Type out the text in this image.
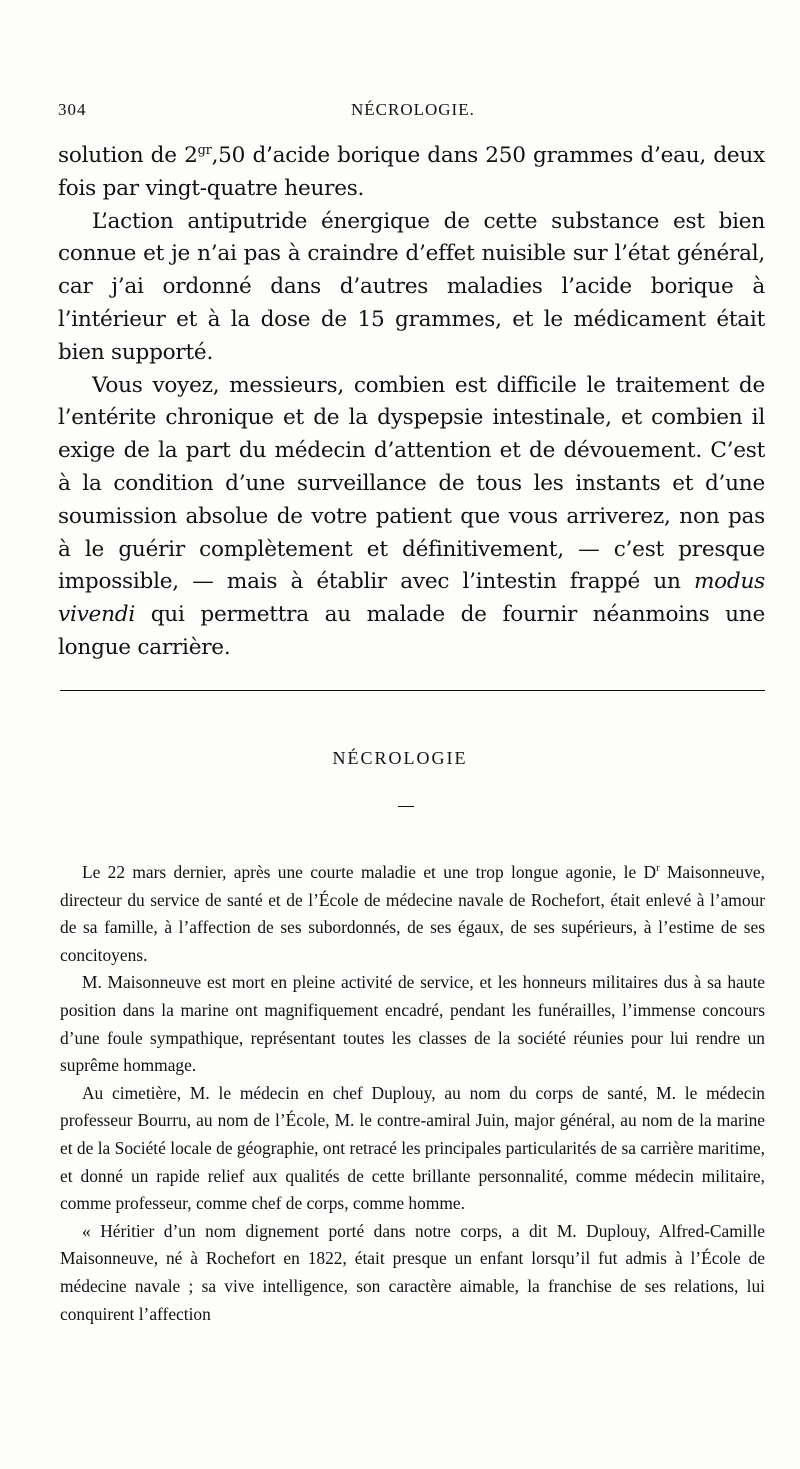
304	NÉCROLOGIE.

solution de $2^{gr},50$ d’acide borique dans 250 grammes d’eau, deux fois par vingt-quatre heures.

L’action antiputride énergique de cette substance est bien connue et je n’ai pas à craindre d’effet nuisible sur l’état général, car j’ai ordonné dans d’autres maladies l’acide borique à l’intérieur et à la dose de 15 grammes, et le médicament était bien supporté.

Vous voyez, messieurs, combien est difficile le traitement de l’entérite chronique et de la dyspepsie intestinale, et combien il exige de la part du médecin d’attention et de dévouement. C’est à la condition d’une surveillance de tous les instants et d’une soumission absolue de votre patient que vous arriverez, non pas à le guérir complètement et définitivement, — c’est presque impossible, — mais à établir avec l’intestin frappé un modus vivendi qui permettra au malade de fournir néanmoins une longue carrière.

NÉCROLOGIE

Le 22 mars dernier, après une courte maladie et une trop longue agonie, le $D^r$ Maisonneuve, directeur du service de santé et de l’École de médecine navale de Rochefort, était enlevé à l’amour de sa famille, à l’affection de ses subordonnés, de ses égaux, de ses supérieurs, à l’estime de ses concitoyens.

M. Maisonneuve est mort en pleine activité de service, et les honneurs militaires dus à sa haute position dans la marine ont magnifiquement encadré, pendant les funérailles, l’immense concours d’une foule sympathique, représentant toutes les classes de la société réunies pour lui rendre un suprême hommage.

Au cimetière, M. le médecin en chef Duplouy, au nom du corps de santé, M. le médecin professeur Bourru, au nom de l’École, M. le contre-amiral Juin, major général, au nom de la marine et de la Société locale de géographie, ont retracé les principales particularités de sa carrière maritime, et donné un rapide relief aux qualités de cette brillante personnalité, comme médecin militaire, comme professeur, comme chef de corps, comme homme.

« Héritier d’un nom dignement porté dans notre corps, a dit M. Duplouy, Alfred-Camille Maisonneuve, né à Rochefort en 1822, était presque un enfant lorsqu’il fut admis à l’École de médecine navale ; sa vive intelligence, son caractère aimable, la franchise de ses relations, lui conquirent l’affection
